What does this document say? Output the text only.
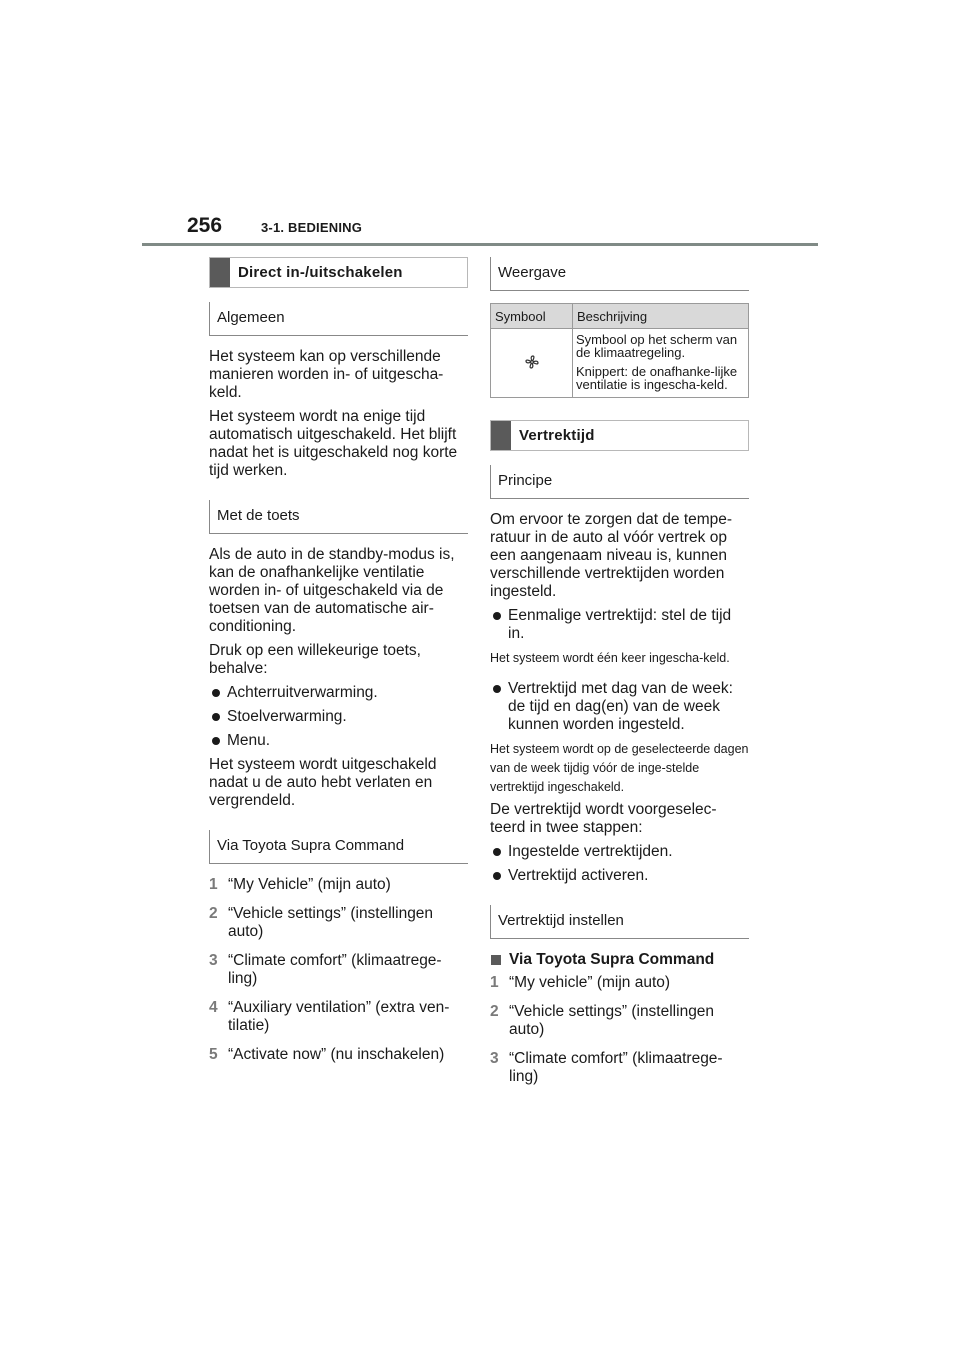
256	3-1. BEDIENING
Direct in-/uitschakelen
Algemeen

Het systeem kan op verschillende manieren worden in- of uitgescha-keld.

Het systeem wordt na enige tijd automatisch uitgeschakeld. Het blijft nadat het is uitgeschakeld nog korte tijd werken.

Met de toets

Als de auto in de standby-modus is, kan de onafhankelijke ventilatie worden in- of uitgeschakeld via de toetsen van de automatische air-conditioning.

Druk op een willekeurige toets, behalve:

Achterruitverwarming.
Stoelverwarming.
Menu.

Het systeem wordt uitgeschakeld nadat u de auto hebt verlaten en vergrendeld.

Via Toyota Supra Command
1 “My Vehicle” (mijn auto)
2 “Vehicle settings” (instellingen auto)
3 “Climate comfort” (klimaatrege-ling)
4 “Auxiliary ventilation” (extra ven-tilatie)
5 “Activate now” (nu inschakelen)
Weergave
Symbool	Beschrijving

Symbool op het scherm van de klimaatregeling.

Knippert: de onafhanke-lijke ventilatie is ingescha-keld.

Vertrektijd
Principe

Om ervoor te zorgen dat de tempe-ratuur in de auto al vóór vertrek op een aangenaam niveau is, kunnen verschillende vertrektijden worden ingesteld.

Eenmalige vertrektijd: stel de tijd in.

Het systeem wordt één keer ingescha-keld.

Vertrektijd met dag van de week: de tijd en dag(en) van de week kunnen worden ingesteld.

Het systeem wordt op de geselecteerde dagen van de week tijdig vóór de inge-stelde vertrektijd ingeschakeld.

De vertrektijd wordt voorgeselec-teerd in twee stappen:

Ingestelde vertrektijden.
Vertrektijd activeren.
Vertrektijd instellen
Via Toyota Supra Command
1 “My vehicle” (mijn auto)
2 “Vehicle settings” (instellingen auto)
3 “Climate comfort” (klimaatrege-ling)
